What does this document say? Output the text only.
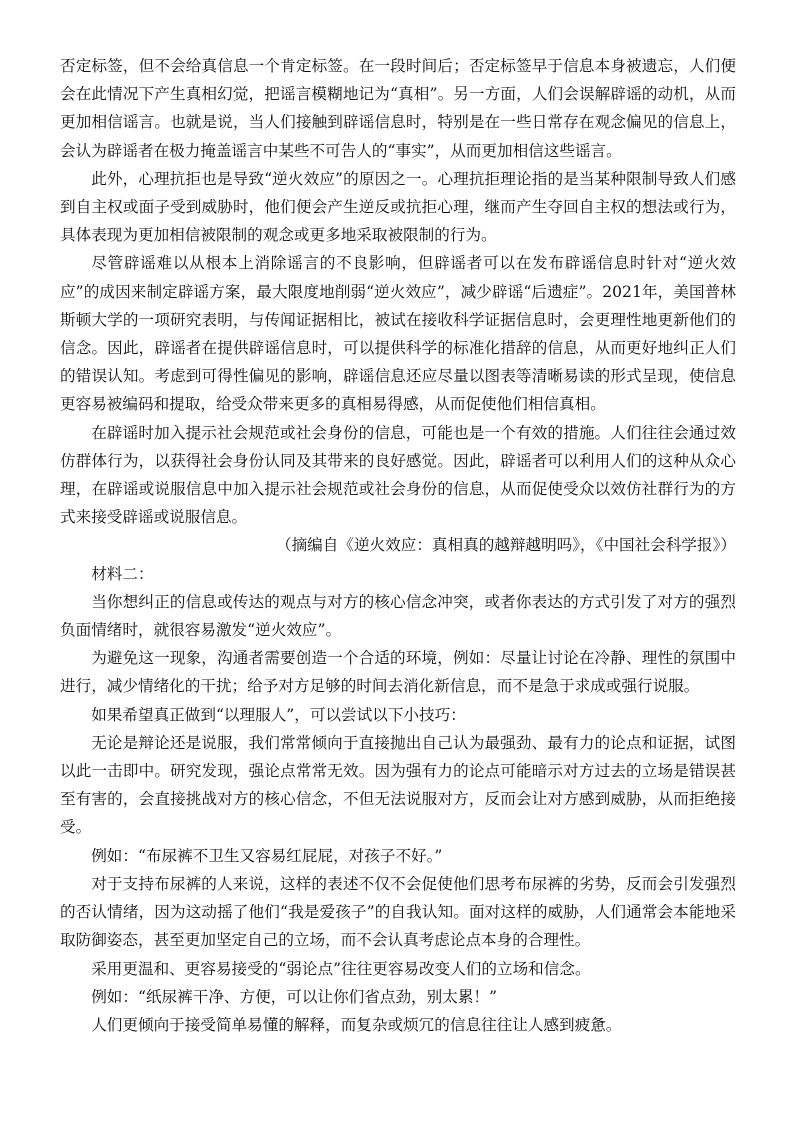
否定标签，但不会给真信息一个肯定标签。在一段时间后；否定标签早于信息本身被遗忘，人们便会在此情况下产生真相幻觉，把谣言模糊地记为“真相”。另一方面，人们会误解辟谣的动机，从而更加相信谣言。也就是说，当人们接触到辟谣信息时，特别是在一些日常存在观念偏见的信息上，会认为辟谣者在极力掩盖谣言中某些不可告人的“事实”，从而更加相信这些谣言。

此外，心理抗拒也是导致“逆火效应”的原因之一。心理抗拒理论指的是当某种限制导致人们感到自主权或面子受到威胁时，他们便会产生逆反或抗拒心理，继而产生夺回自主权的想法或行为，具体表现为更加相信被限制的观念或更多地采取被限制的行为。

尽管辟谣难以从根本上消除谣言的不良影响，但辟谣者可以在发布辟谣信息时针对“逆火效应”的成因来制定辟谣方案，最大限度地削弱“逆火效应”，减少辟谣“后遗症”。2021年，美国普林斯顿大学的一项研究表明，与传闻证据相比，被试在接收科学证据信息时，会更理性地更新他们的信念。因此，辟谣者在提供辟谣信息时，可以提供科学的标准化措辞的信息，从而更好地纠正人们的错误认知。考虑到可得性偏见的影响，辟谣信息还应尽量以图表等清晰易读的形式呈现，使信息更容易被编码和提取，给受众带来更多的真相易得感，从而促使他们相信真相。

在辟谣时加入提示社会规范或社会身份的信息，可能也是一个有效的措施。人们往往会通过效仿群体行为，以获得社会身份认同及其带来的良好感觉。因此，辟谣者可以利用人们的这种从众心理，在辟谣或说服信息中加入提示社会规范或社会身份的信息，从而促使受众以效仿社群行为的方式来接受辟谣或说服信息。

（摘编自《逆火效应：真相真的越辩越明吗》，《中国社会科学报》）

材料二：

当你想纠正的信息或传达的观点与对方的核心信念冲突，或者你表达的方式引发了对方的强烈负面情绪时，就很容易激发“逆火效应”。

为避免这一现象，沟通者需要创造一个合适的环境，例如：尽量让讨论在冷静、理性的氛围中进行，减少情绪化的干扰；给予对方足够的时间去消化新信息，而不是急于求成或强行说服。

如果希望真正做到“以理服人”，可以尝试以下小技巧：

无论是辩论还是说服，我们常常倾向于直接抛出自己认为最强劲、最有力的论点和证据，试图以此一击即中。研究发现，强论点常常无效。因为强有力的论点可能暗示对方过去的立场是错误甚至有害的，会直接挑战对方的核心信念，不但无法说服对方，反而会让对方感到威胁，从而拒绝接受。

例如：“布尿裤不卫生又容易红屁屁，对孩子不好。”

对于支持布尿裤的人来说，这样的表述不仅不会促使他们思考布尿裤的劣势，反而会引发强烈的否认情绪，因为这动摇了他们“我是爱孩子”的自我认知。面对这样的威胁，人们通常会本能地采取防御姿态，甚至更加坚定自己的立场，而不会认真考虑论点本身的合理性。

采用更温和、更容易接受的“弱论点”往往更容易改变人们的立场和信念。

例如：“纸尿裤干净、方便，可以让你们省点劲，别太累！”

人们更倾向于接受简单易懂的解释，而复杂或烦冗的信息往往让人感到疲惫。
